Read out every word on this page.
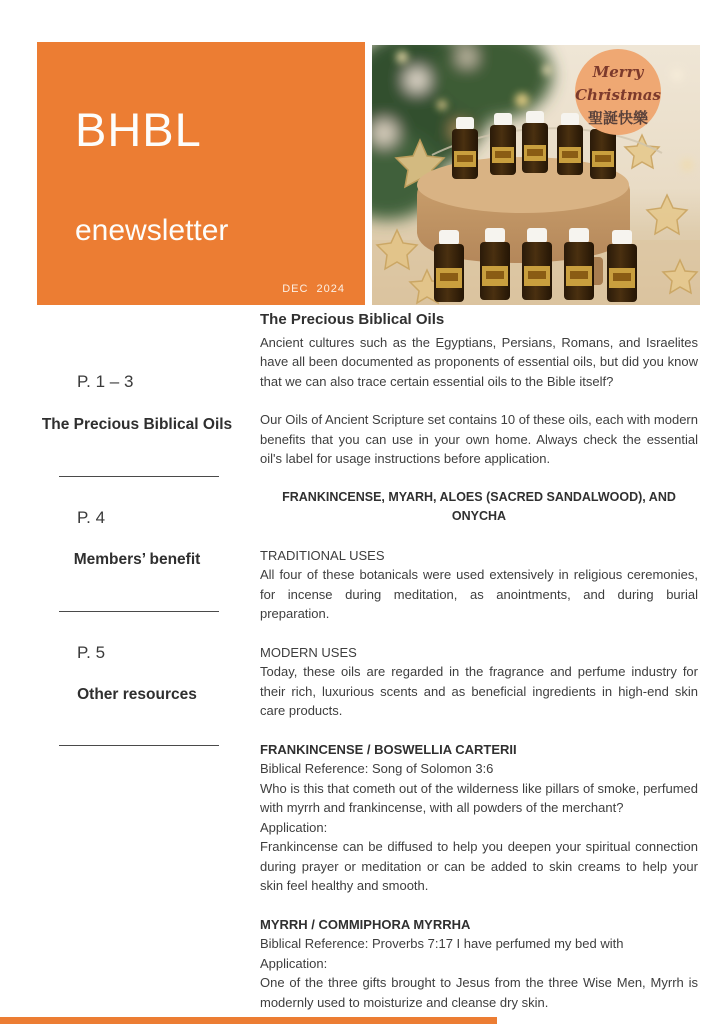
BHBL
enewsletter
DEC  2024
Merry
Christmas
聖誕快樂
P. 1 – 3
The Precious Biblical Oils
P. 4
Members’ benefit
P. 5
Other resources
The Precious Biblical Oils

Ancient cultures such as the Egyptians, Persians, Romans, and Israelites have all been documented as proponents of essential oils, but did you know that we can also trace certain essential oils to the Bible itself?

Our Oils of Ancient Scripture set contains 10 of these oils, each with modern benefits that you can use in your own home. Always check the essential oil's label for usage instructions before application.

FRANKINCENSE, MYARH, ALOES (SACRED SANDALWOOD), AND ONYCHA
TRADITIONAL USES
All four of these botanicals were used extensively in religious ceremonies, for incense during meditation, as anointments, and during burial preparation.
MODERN USES
Today, these oils are regarded in the fragrance and perfume industry for their rich, luxurious scents and as beneficial ingredients in high-end skin care products.
FRANKINCENSE / BOSWELLIA CARTERII
Biblical Reference: Song of Solomon 3:6
Who is this that cometh out of the wilderness like pillars of smoke, perfumed with myrrh and frankincense, with all powders of the merchant?
Application:
Frankincense can be diffused to help you deepen your spiritual connection during prayer or meditation or can be added to skin creams to help your skin feel healthy and smooth.
MYRRH / COMMIPHORA MYRRHA
Biblical Reference: Proverbs 7:17 I have perfumed my bed with
Application:
One of the three gifts brought to Jesus from the three Wise Men, Myrrh is modernly used to moisturize and cleanse dry skin.
